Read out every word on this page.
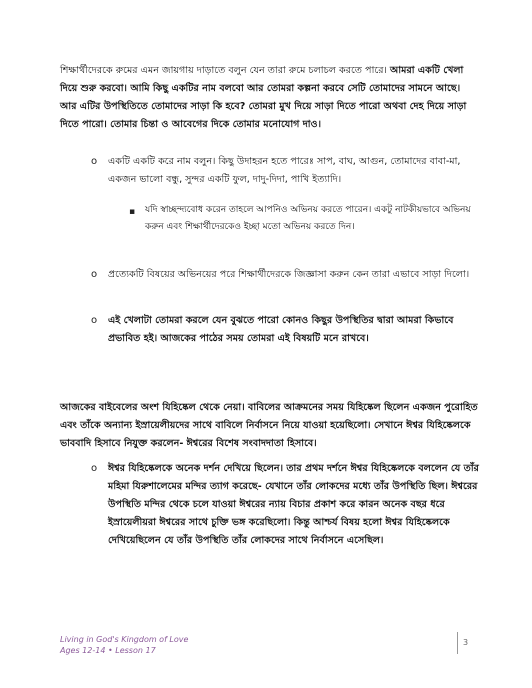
শিক্ষার্থীদেরকে রুমের এমন জায়গায় দাড়াতে বলুন যেন তারা রুমে চলাচল করতে পারে। আমরা একটি খেলা দিয়ে শুরু করবো। আমি কিছু একটির নাম বলবো আর তোমরা কল্পনা করবে সেটি তোমাদের সামনে আছে। আর এটির উপস্থিতিতে তোমাদের সাড়া কি হবে? তোমরা মুখ দিয়ে সাড়া দিতে পারো অথবা দেহ দিয়ে সাড়া দিতে পারো। তোমার চিন্তা ও আবেগের দিকে তোমার মনোযোগ দাও।

o একটি একটি করে নাম বলুন। কিছু উদাহরন হতে পারেঃ সাপ, বাঘ, আগুন, তোমাদের বাবা-মা, একজন ভালো বন্ধু, সুন্দর একটি ফুল, দাদু-দিদা, পাখি ইত্যাদি।

▪ যদি স্বাচ্ছন্দ্যবোধ করেন তাহলে আপনিও অভিনয় করতে পারেন। একটু নাটকীয়ভাবে অভিনয় করুন এবং শিক্ষার্থীদেরকেও ইচ্ছা মতো অভিনয় করতে দিন।

o প্রত্যেকটি বিষয়ের অভিনয়ের পরে শিক্ষার্থীদেরকে জিজ্ঞাসা করুন কেন তারা এভাবে সাড়া দিলো।

o এই খেলাটা তোমরা করলে যেন বুঝতে পারো কোনও কিছুর উপস্থিতির দ্বারা আমরা কিভাবে প্রভাবিত হই। আজকের পাঠের সময় তোমরা এই বিষয়টি মনে রাখবে।

আজকের বাইবেলের অংশ যিহিষ্কেল থেকে নেয়া। বাবিলের আক্রমনের সময় যিহিষ্কেল ছিলেন একজন পুরোহিত এবং তাঁকে অন্যান্য ইস্রায়েলীয়দের সাথে বাবিলে নির্বাসনে নিয়ে যাওয়া হয়েছিলো। সেখানে ঈশ্বর যিহিষ্কেলকে ভাববাদি হিসাবে নিযুক্ত করলেন- ঈশ্বরের বিশেষ সংবাদদাতা হিসাবে।

o ঈশ্বর যিহিষ্কেলকে অনেক দর্শন দেখিয়ে ছিলেন। তার প্রথম দর্শনে ঈশ্বর যিহিষ্কেলকে বললেন যে তাঁর মহিমা যিরুশালেমের মন্দির ত্যাগ করেছে- যেখানে তাঁর লোকদের মধ্যে তাঁর উপস্থিতি ছিল। ঈশ্বরের উপস্থিতি মন্দির থেকে চলে যাওয়া ঈশ্বরের ন্যায় বিচার প্রকাশ করে কারন অনেক বছর ধরে ইস্রায়েলীয়রা ঈশ্বরের সাথে চুক্তি ভঙ্গ করেছিলো। কিন্তু আশ্চর্য বিষয় হলো ঈশ্বর যিহিষ্কেলকে দেখিয়েছিলেন যে তাঁর উপস্থিতি তাঁর লোকদের সাথে নির্বাসনে এসেছিল।

Living in God's Kingdom of Love
Ages 12-14 • Lesson 17
3
